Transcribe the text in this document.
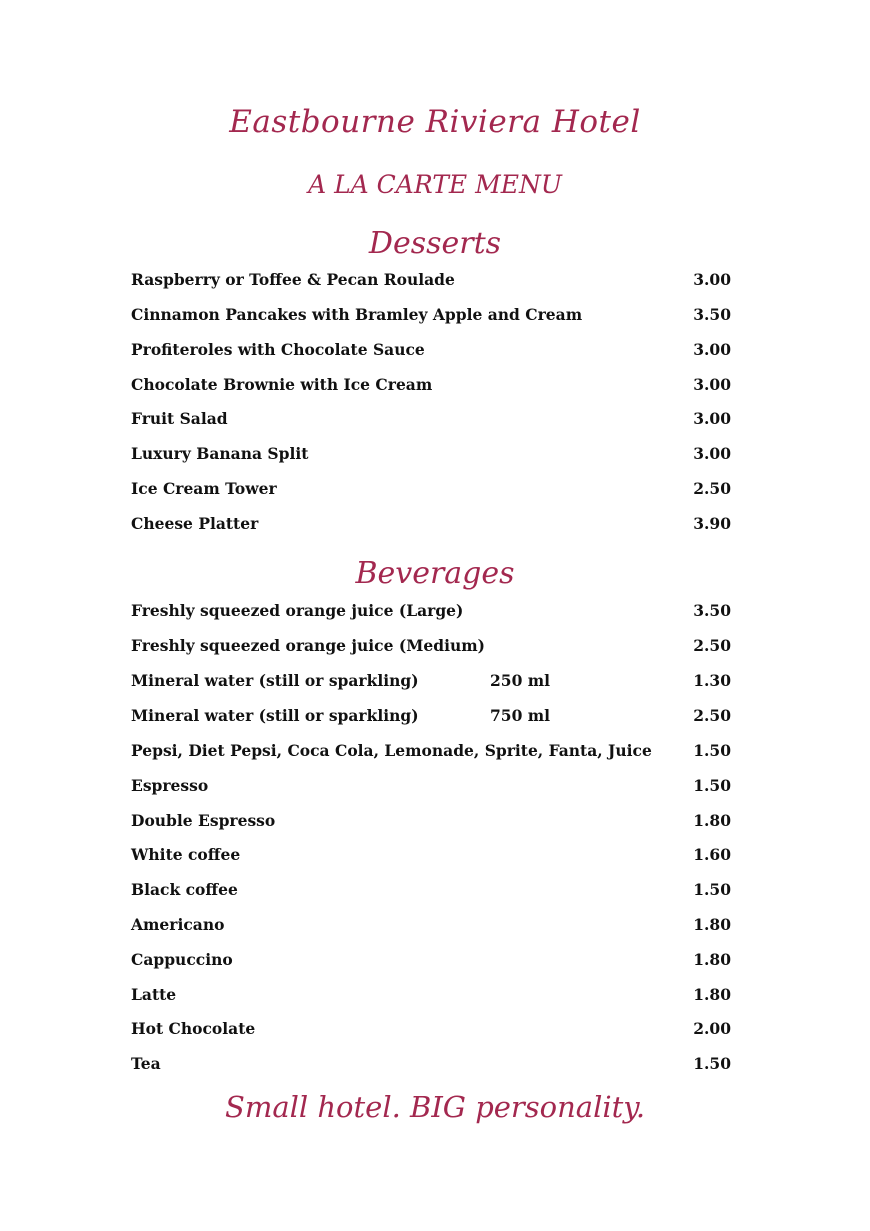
Eastbourne Riviera Hotel
A LA CARTE MENU
Desserts
Raspberry or Toffee & Pecan Roulade	3.00
Cinnamon Pancakes with Bramley Apple and Cream	3.50
Profiteroles with Chocolate Sauce	3.00
Chocolate Brownie with Ice Cream	3.00
Fruit Salad	3.00
Luxury Banana Split	3.00
Ice Cream Tower	2.50
Cheese Platter	3.90
Beverages
Freshly squeezed orange juice (Large)	3.50
Freshly squeezed orange juice (Medium)	2.50
Mineral water (still or sparkling)	250 ml	1.30
Mineral water (still or sparkling)	750 ml	2.50
Pepsi, Diet Pepsi, Coca Cola, Lemonade, Sprite, Fanta, Juice	1.50
Espresso	1.50
Double Espresso	1.80
White coffee	1.60
Black coffee	1.50
Americano	1.80
Cappuccino	1.80
Latte	1.80
Hot Chocolate	2.00
Tea	1.50
Small hotel. BIG personality.
